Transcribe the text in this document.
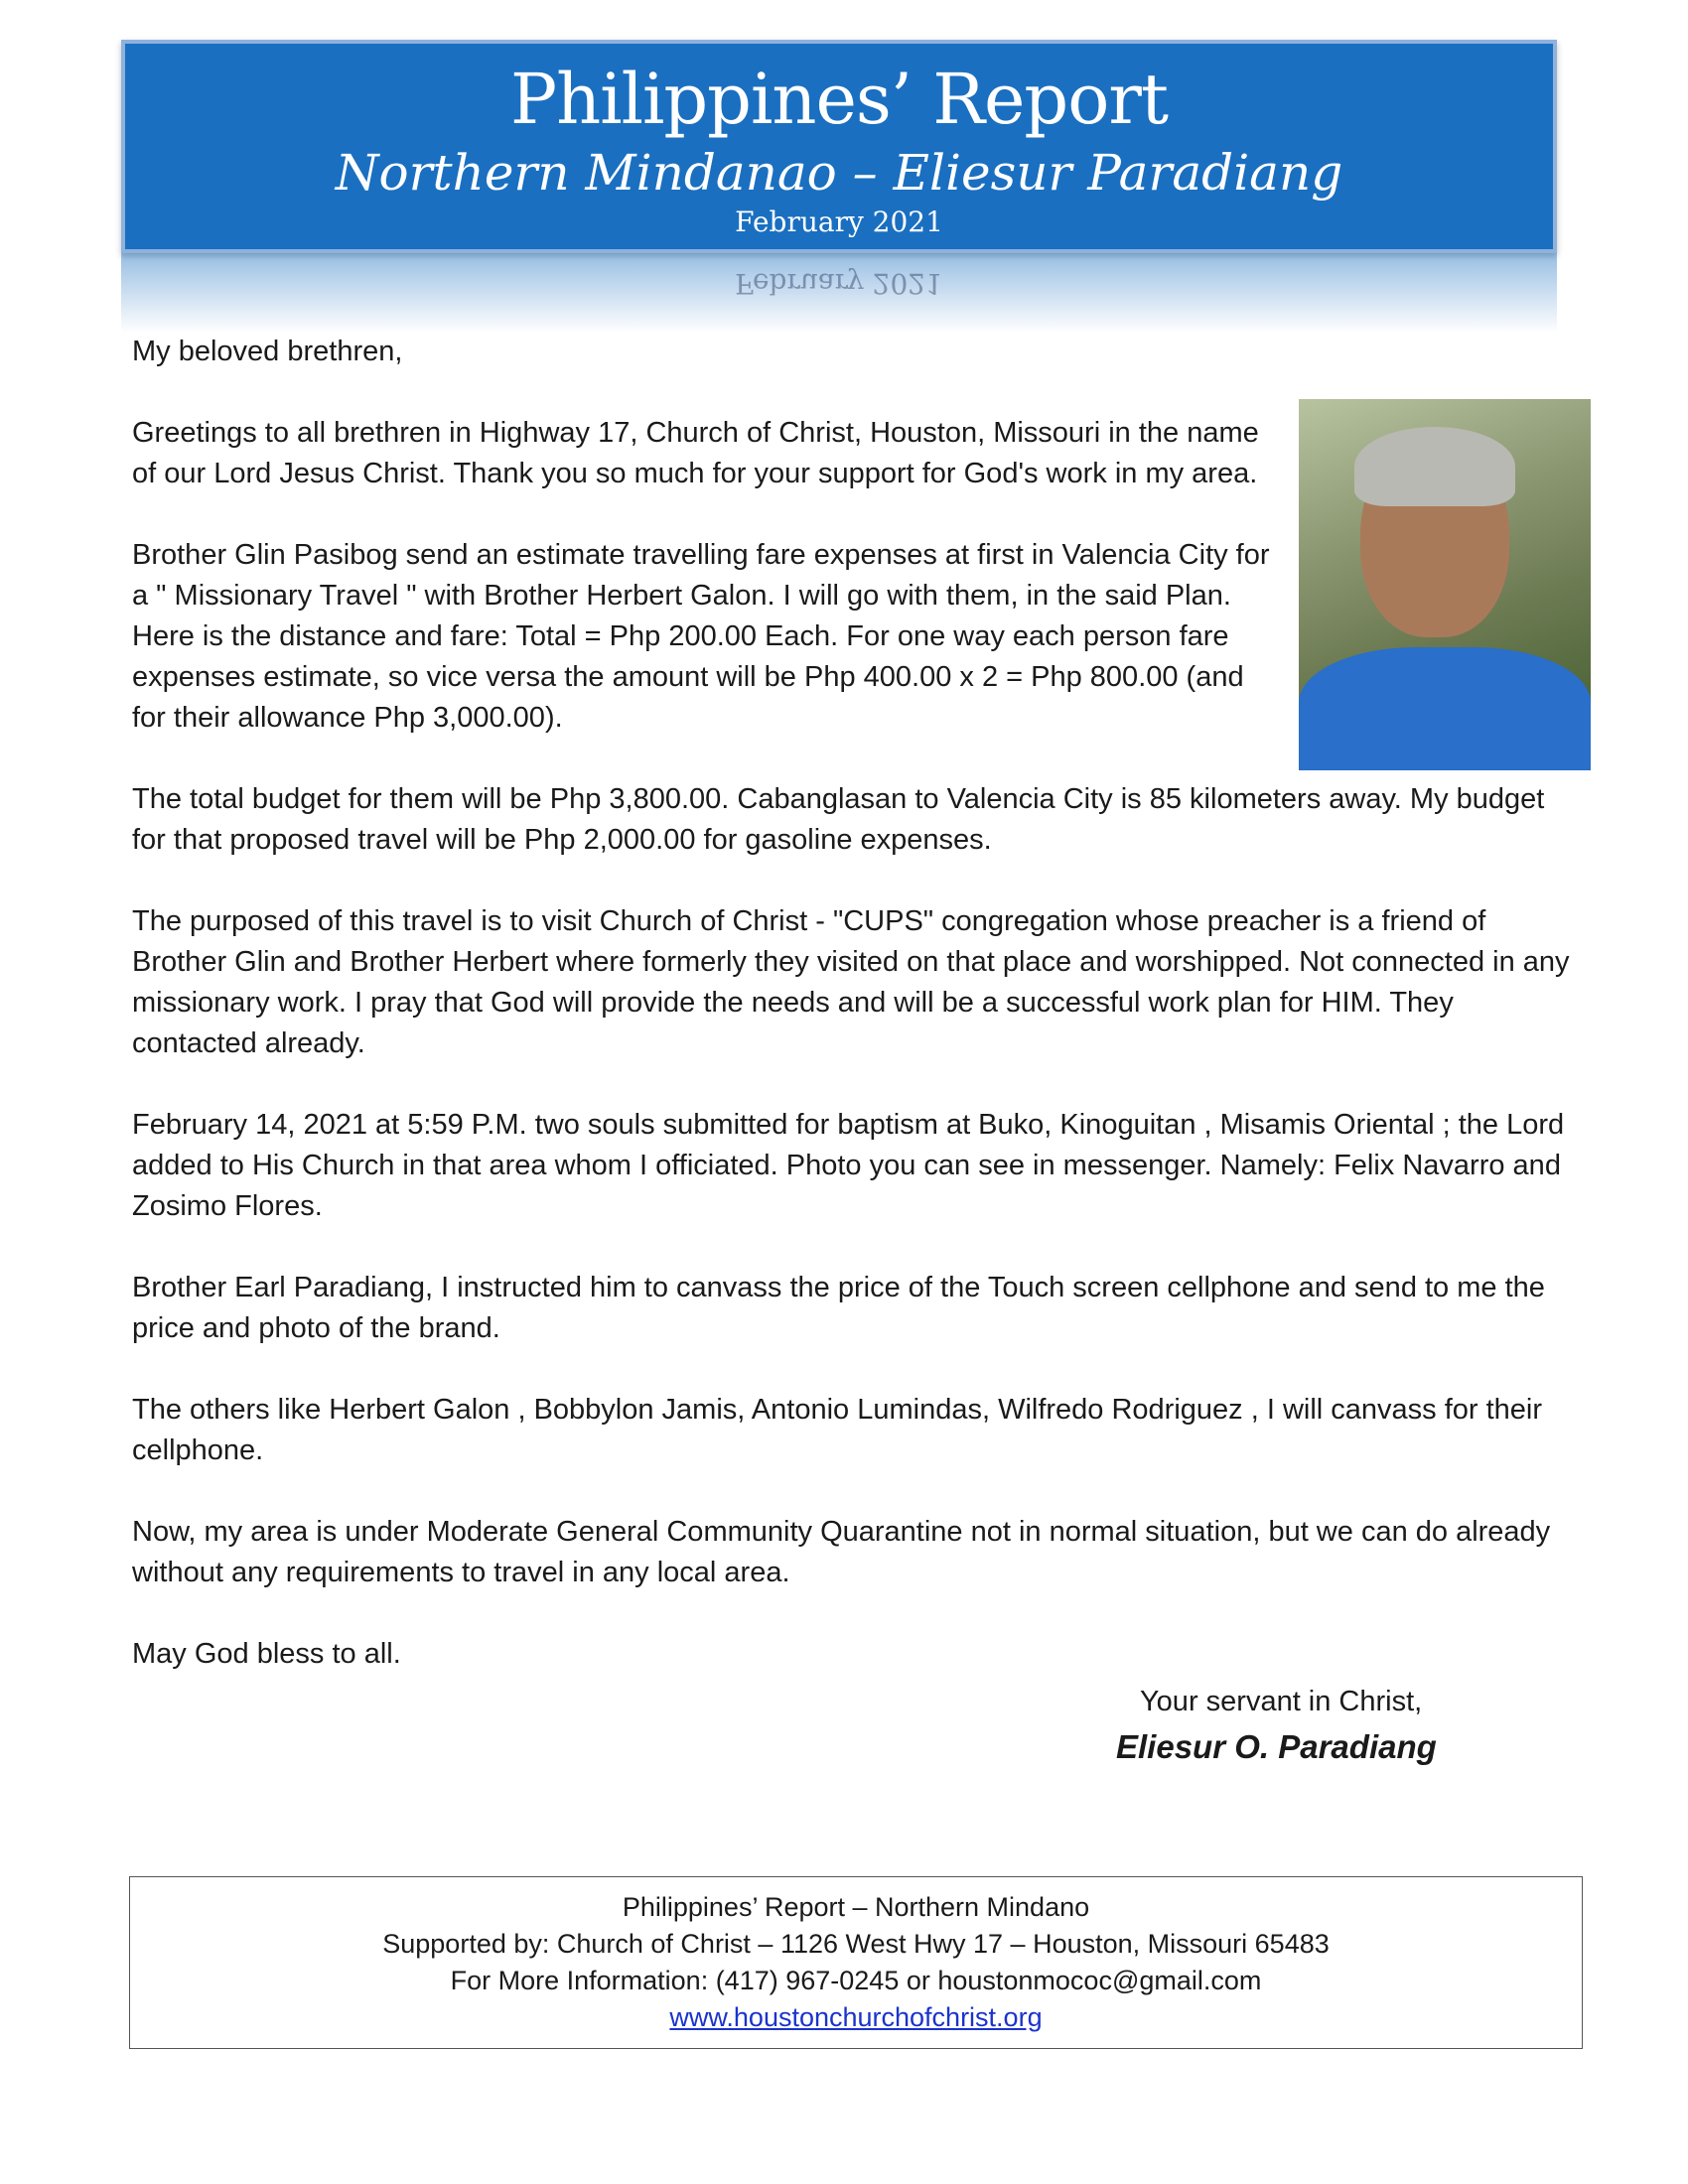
Philippines’ Report
Northern Mindanao – Eliesur Paradiang
February 2021
February 2021

My beloved brethren,

Greetings to all brethren in Highway 17, Church of Christ, Houston, Missouri in the name of our Lord Jesus Christ. Thank you so much for your support for God's work in my area.

Brother Glin Pasibog send an estimate travelling fare expenses at first in Valencia City for a " Missionary Travel " with Brother Herbert Galon. I will go with them, in the said Plan. Here is the distance and fare: Total = Php 200.00 Each. For one way each person fare expenses estimate, so vice versa the amount will be Php 400.00 x 2 = Php 800.00 (and for their allowance Php 3,000.00).

The total budget for them will be Php 3,800.00. Cabanglasan to Valencia City is 85 kilometers away. My budget for that proposed travel will be Php 2,000.00 for gasoline expenses.

The purposed of this travel is to visit Church of Christ - "CUPS" congregation whose preacher is a friend of Brother Glin and Brother Herbert where formerly they visited on that place and worshipped. Not connected in any missionary work. I pray that God will provide the needs and will be a successful work plan for HIM. They contacted already.

February 14, 2021 at 5:59 P.M. two souls submitted for baptism at Buko, Kinoguitan , Misamis Oriental ; the Lord added to His Church in that area whom I officiated. Photo you can see in messenger. Namely: Felix Navarro and Zosimo Flores.

Brother Earl Paradiang, I instructed him to canvass the price of the Touch screen cellphone and send to me the price and photo of the brand.

The others like Herbert Galon , Bobbylon Jamis, Antonio Lumindas, Wilfredo Rodriguez , I will canvass for their cellphone.

Now, my area is under Moderate General Community Quarantine not in normal situation, but we can do already without any requirements to travel in any local area.

May God bless to all.

Your servant in Christ,
Eliesur O. Paradiang
Philippines’ Report – Northern Mindano
Supported by: Church of Christ – 1126 West Hwy 17 – Houston, Missouri 65483
For More Information: (417) 967-0245 or houstonmococ@gmail.com
www.houstonchurchofchrist.org
